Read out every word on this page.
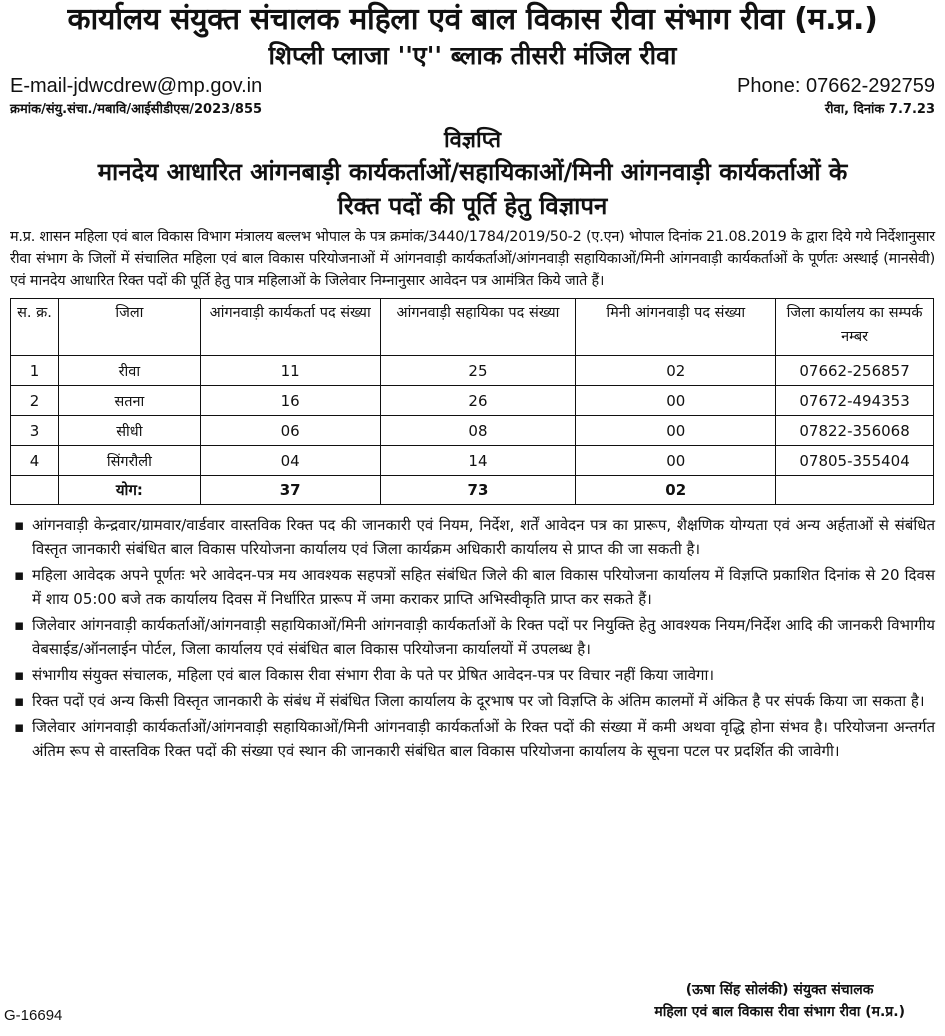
कार्यालय संयुक्त संचालक महिला एवं बाल विकास रीवा संभाग रीवा (म.प्र.)
शिप्ली प्लाजा ''ए'' ब्लाक तीसरी मंजिल रीवा
E-mail-jdwcdrew@mp.gov.in	Phone: 07662-292759
क्रमांक/संयु.संचा./मबावि/आईसीडीएस/2023/855	रीवा, दिनांक 7.7.23
विज्ञप्ति
मानदेय आधारित आंगनबाड़ी कार्यकर्ताओं/सहायिकाओं/मिनी आंगनवाड़ी कार्यकर्ताओं के
रिक्त पदों की पूर्ति हेतु विज्ञापन
म.प्र. शासन महिला एवं बाल विकास विभाग मंत्रालय बल्लभ भोपाल के पत्र क्रमांक/3440/1784/2019/50-2 (ए.एन) भोपाल दिनांक 21.08.2019 के द्वारा दिये गये निर्देशानुसार रीवा संभाग के जिलों में संचालित महिला एवं बाल विकास परियोजनाओं में आंगनवाड़ी कार्यकर्ताओं/आंगनवाड़ी सहायिकाओं/मिनी आंगनवाड़ी कार्यकर्ताओं के पूर्णतः अस्थाई (मानसेवी) एवं मानदेय आधारित रिक्त पदों की पूर्ति हेतु पात्र महिलाओं के जिलेवार निम्नानुसार आवेदन पत्र आमंत्रित किये जाते हैं।
स. क्र.	जिला	आंगनवाड़ी कार्यकर्ता पद संख्या	आंगनवाड़ी सहायिका पद संख्या	मिनी आंगनवाड़ी पद संख्या	जिला कार्यालय का सम्पर्क नम्बर
1	रीवा	11	25	02	07662-256857
2	सतना	16	26	00	07672-494353
3	सीधी	06	08	00	07822-356068
4	सिंगरौली	04	14	00	07805-355404
	योग:	37	73	02	
▪ आंगनवाड़ी केन्द्रवार/ग्रामवार/वार्डवार वास्तविक रिक्त पद की जानकारी एवं नियम, निर्देश, शर्तें आवेदन पत्र का प्रारूप, शैक्षणिक योग्यता एवं अन्य अर्हताओं से संबंधित विस्तृत जानकारी संबंधित बाल विकास परियोजना कार्यालय एवं जिला कार्यक्रम अधिकारी कार्यालय से प्राप्त की जा सकती है।
▪ महिला आवेदक अपने पूर्णतः भरे आवेदन-पत्र मय आवश्यक सहपत्रों सहित संबंधित जिले की बाल विकास परियोजना कार्यालय में विज्ञप्ति प्रकाशित दिनांक से 20 दिवस में शाय 05:00 बजे तक कार्यालय दिवस में निर्धारित प्रारूप में जमा कराकर प्राप्ति अभिस्वीकृति प्राप्त कर सकते हैं।
▪ जिलेवार आंगनवाड़ी कार्यकर्ताओं/आंगनवाड़ी सहायिकाओं/मिनी आंगनवाड़ी कार्यकर्ताओं के रिक्त पदों पर नियुक्ति हेतु आवश्यक नियम/निर्देश आदि की जानकरी विभागीय वेबसाईड/ऑनलाईन पोर्टल, जिला कार्यालय एवं संबंधित बाल विकास परियोजना कार्यालयों में उपलब्ध है।
▪ संभागीय संयुक्त संचालक, महिला एवं बाल विकास रीवा संभाग रीवा के पते पर प्रेषित आवेदन-पत्र पर विचार नहीं किया जावेगा।
▪ रिक्त पदों एवं अन्य किसी विस्तृत जानकारी के संबंध में संबंधित जिला कार्यालय के दूरभाष पर जो विज्ञप्ति के अंतिम कालमों में अंकित है पर संपर्क किया जा सकता है।
▪ जिलेवार आंगनवाड़ी कार्यकर्ताओं/आंगनवाड़ी सहायिकाओं/मिनी आंगनवाड़ी कार्यकर्ताओं के रिक्त पदों की संख्या में कमी अथवा वृद्धि होना संभव है। परियोजना अन्तर्गत अंतिम रूप से वास्तविक रिक्त पदों की संख्या एवं स्थान की जानकारी संबंधित बाल विकास परियोजना कार्यालय के सूचना पटल पर प्रदर्शित की जावेगी।
(ऊषा सिंह सोलंकी) संयुक्त संचालक
महिला एवं बाल विकास रीवा संभाग रीवा (म.प्र.)
G-16694
